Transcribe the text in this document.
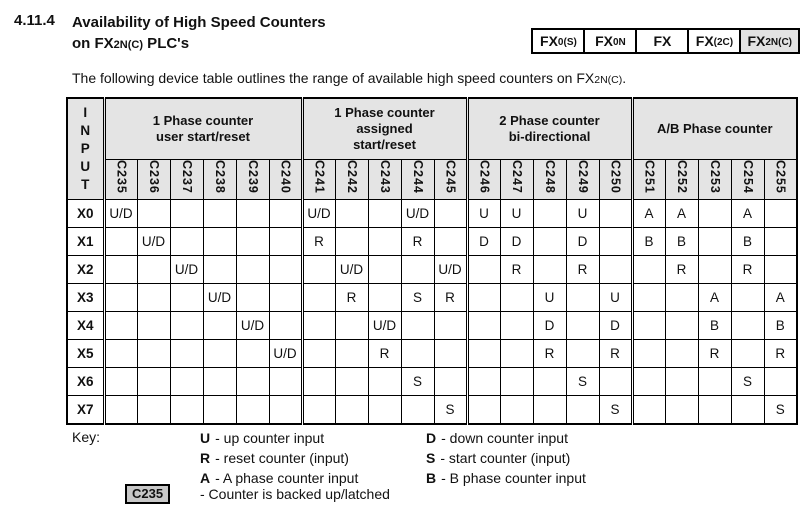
4.11.4 Availability of High Speed Counters
on FX2N(C) PLC's	FX 0(S) FX 0N FX FX (2C) FX 2N(C)

The following device table outlines the range of available high speed counters on FX2N(C).

I
N
P
U
T

1 Phase counter
user start/reset

1 Phase counter
assigned
start/reset

2 Phase counter
bi-directional

A/B Phase counter

	C235	C236	C237	C238	C239	C240	C241	C242	C243	C244	C245	C246	C247	C248	C249	C250	C251	C252	C253	C254	C255
X0	U/D						U/D			U/D		U	U		U		A	A		A	
X1		U/D					R			R		D	D		D		B	B		B	
X2			U/D					U/D			U/D		R		R			R		R	
X3				U/D				R		S	R			U		U			A		A
X4					U/D				U/D					D		D			B		B
X5						U/D			R					R		R			R		R
X6										S					S					S	
X7											S					S					S
Key:	U - up counter input	D - down counter input
R - reset counter (input)	S - start counter (input)
A - A phase counter input	B - B phase counter input
C235	- Counter is backed up/latched
